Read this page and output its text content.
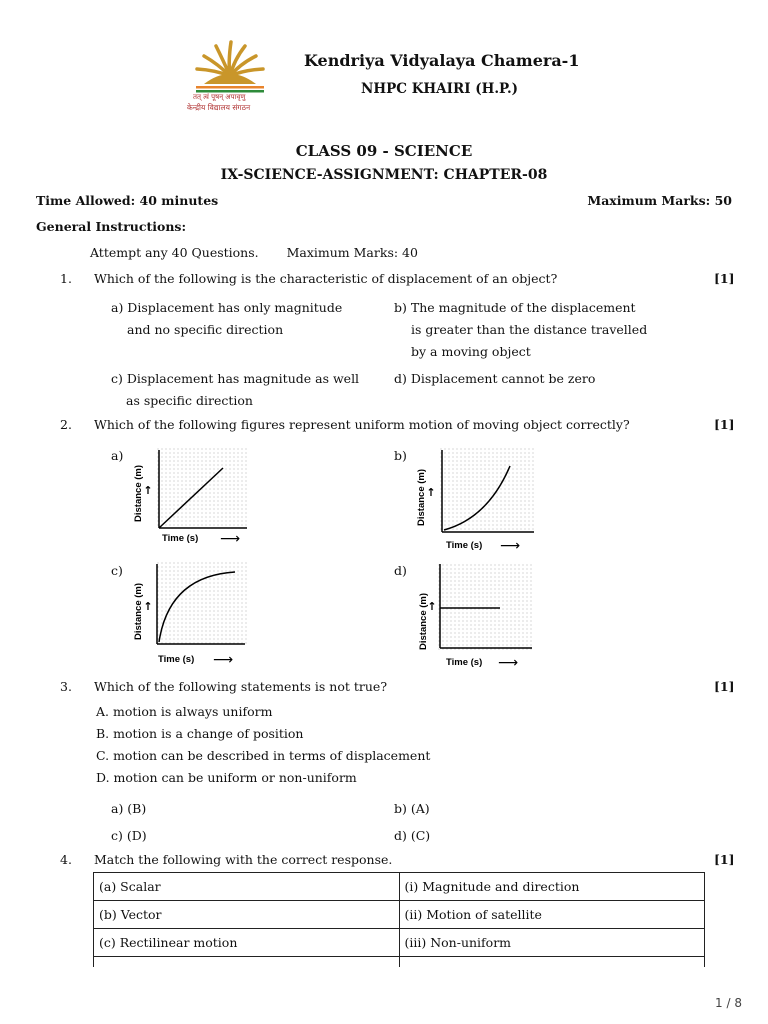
तत् त्वं पूषन् अपावृणु
केन्द्रीय विद्यालय संगठन
Kendriya Vidyalaya Chamera-1
NHPC KHAIRI (H.P.)
CLASS 09 - SCIENCE
IX-SCIENCE-ASSIGNMENT: CHAPTER-08
Time Allowed: 40 minutes	Maximum Marks: 50
General Instructions:
Attempt any 40 Questions. Maximum Marks: 40
1. Which of the following is the characteristic of displacement of an object?	[1]
a) Displacement has only magnitude
and no specific direction
b) The magnitude of the displacement
is greater than the distance travelled
by a moving object
c) Displacement has magnitude as well
as specific direction
d) Displacement cannot be zero
2. Which of the following figures represent uniform motion of moving object correctly?	[1]
a)
Distance (m) ↑
Time (s) ⟶
b)
Distance (m) ↑
Time (s) ⟶
c)
Distance (m) ↑
Time (s) ⟶
d)
Distance (m)
↑
Time (s) ⟶
3. Which of the following statements is not true?	[1]
A. motion is always uniform
B. motion is a change of position
C. motion can be described in terms of displacement
D. motion can be uniform or non-uniform
a) (B)	b) (A)
c) (D)	d) (C)
4. Match the following with the correct response.	[1]
(a) Scalar	(i) Magnitude and direction
(b) Vector	(ii) Motion of satellite
(c) Rectilinear motion	(iii) Non-uniform

1 / 8
